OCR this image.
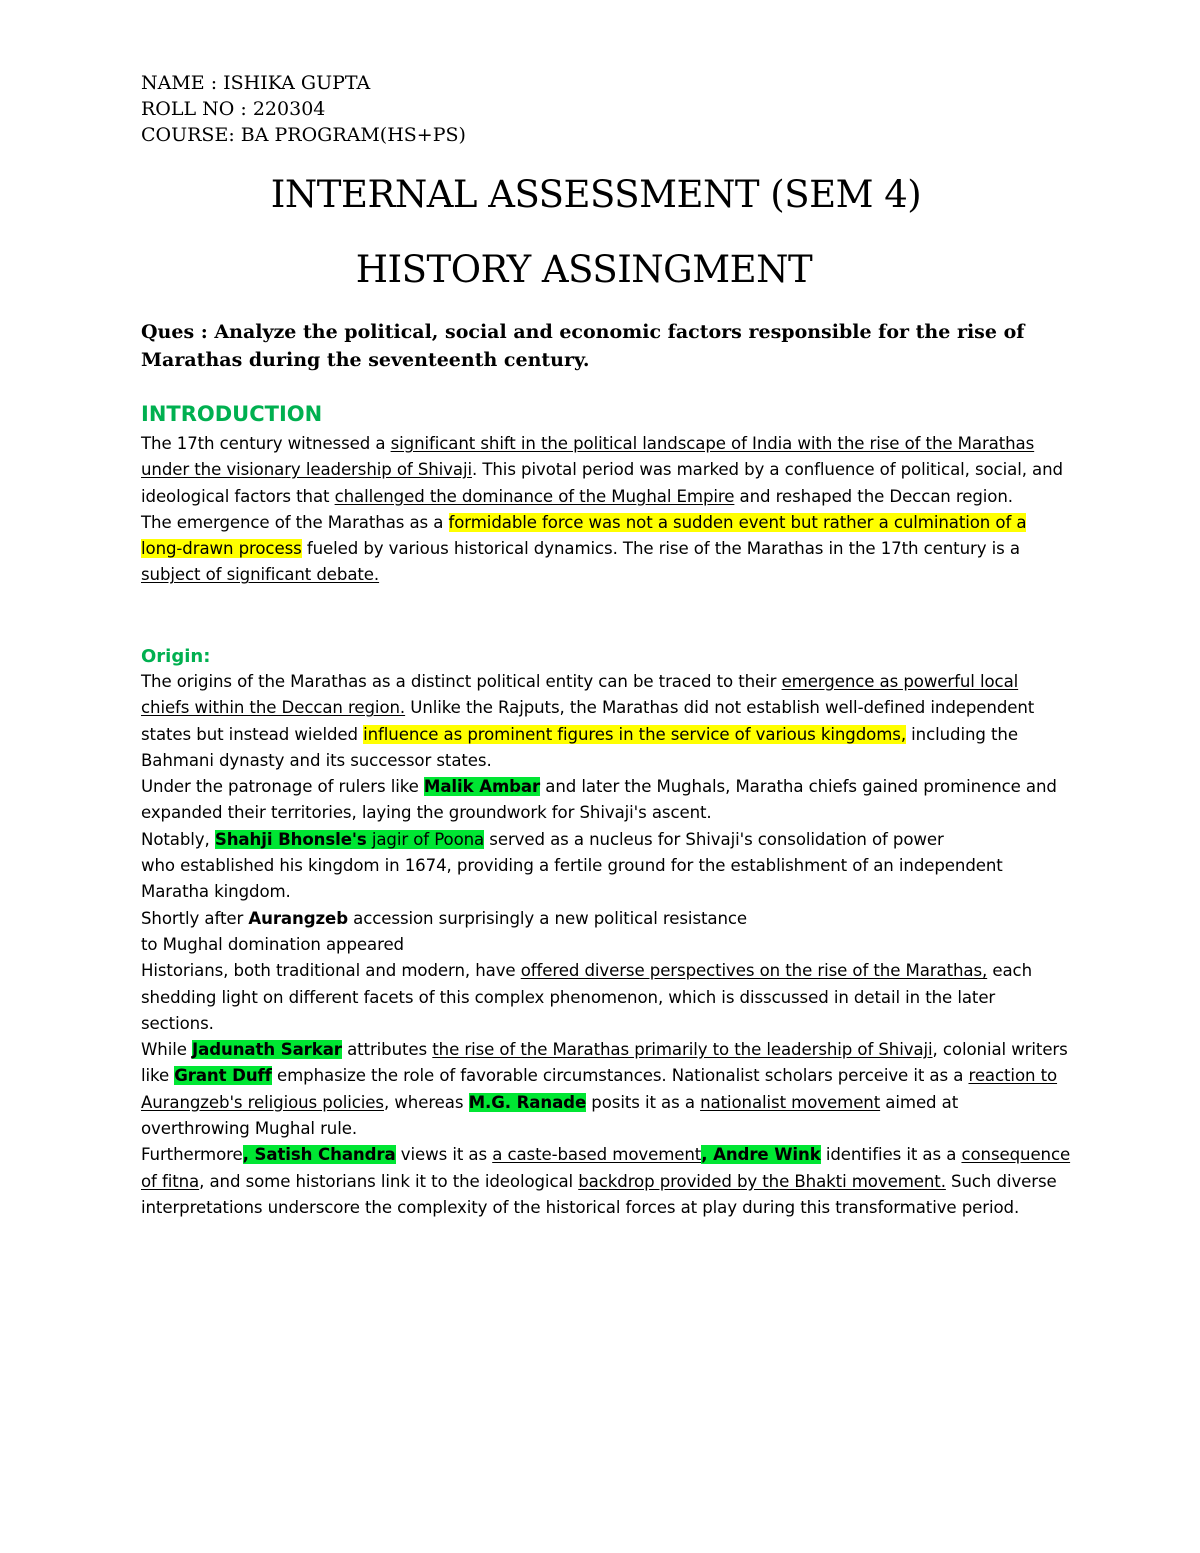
NAME : ISHIKA GUPTA
ROLL NO : 220304
COURSE: BA PROGRAM(HS+PS)
INTERNAL ASSESSMENT (SEM 4)
HISTORY ASSINGMENT
Ques : Analyze the political, social and economic factors responsible for the rise of Marathas during the seventeenth century.
INTRODUCTION

The 17th century witnessed a significant shift in the political landscape of India with the rise of the Marathas under the visionary leadership of Shivaji. This pivotal period was marked by a confluence of political, social, and ideological factors that challenged the dominance of the Mughal Empire and reshaped the Deccan region.

The emergence of the Marathas as a formidable force was not a sudden event but rather a culmination of a long-drawn process fueled by various historical dynamics. The rise of the Marathas in the 17th century is a subject of significant debate.

Origin:

The origins of the Marathas as a distinct political entity can be traced to their emergence as powerful local chiefs within the Deccan region. Unlike the Rajputs, the Marathas did not establish well-defined independent states but instead wielded influence as prominent figures in the service of various kingdoms, including the Bahmani dynasty and its successor states.

Under the patronage of rulers like Malik Ambar and later the Mughals, Maratha chiefs gained prominence and expanded their territories, laying the groundwork for Shivaji's ascent.

Notably, Shahji Bhonsle's jagir of Poona served as a nucleus for Shivaji's consolidation of power

who established his kingdom in 1674, providing a fertile ground for the establishment of an independent Maratha kingdom.

Shortly after Aurangzeb accession surprisingly a new political resistance

to Mughal domination appeared

Historians, both traditional and modern, have offered diverse perspectives on the rise of the Marathas, each shedding light on different facets of this complex phenomenon, which is disscussed in detail in the later sections.

While Jadunath Sarkar attributes the rise of the Marathas primarily to the leadership of Shivaji, colonial writers like Grant Duff emphasize the role of favorable circumstances. Nationalist scholars perceive it as a reaction to Aurangzeb's religious policies, whereas M.G. Ranade posits it as a nationalist movement aimed at overthrowing Mughal rule.

Furthermore, Satish Chandra views it as a caste-based movement, Andre Wink identifies it as a consequence of fitna, and some historians link it to the ideological backdrop provided by the Bhakti movement. Such diverse interpretations underscore the complexity of the historical forces at play during this transformative period.
